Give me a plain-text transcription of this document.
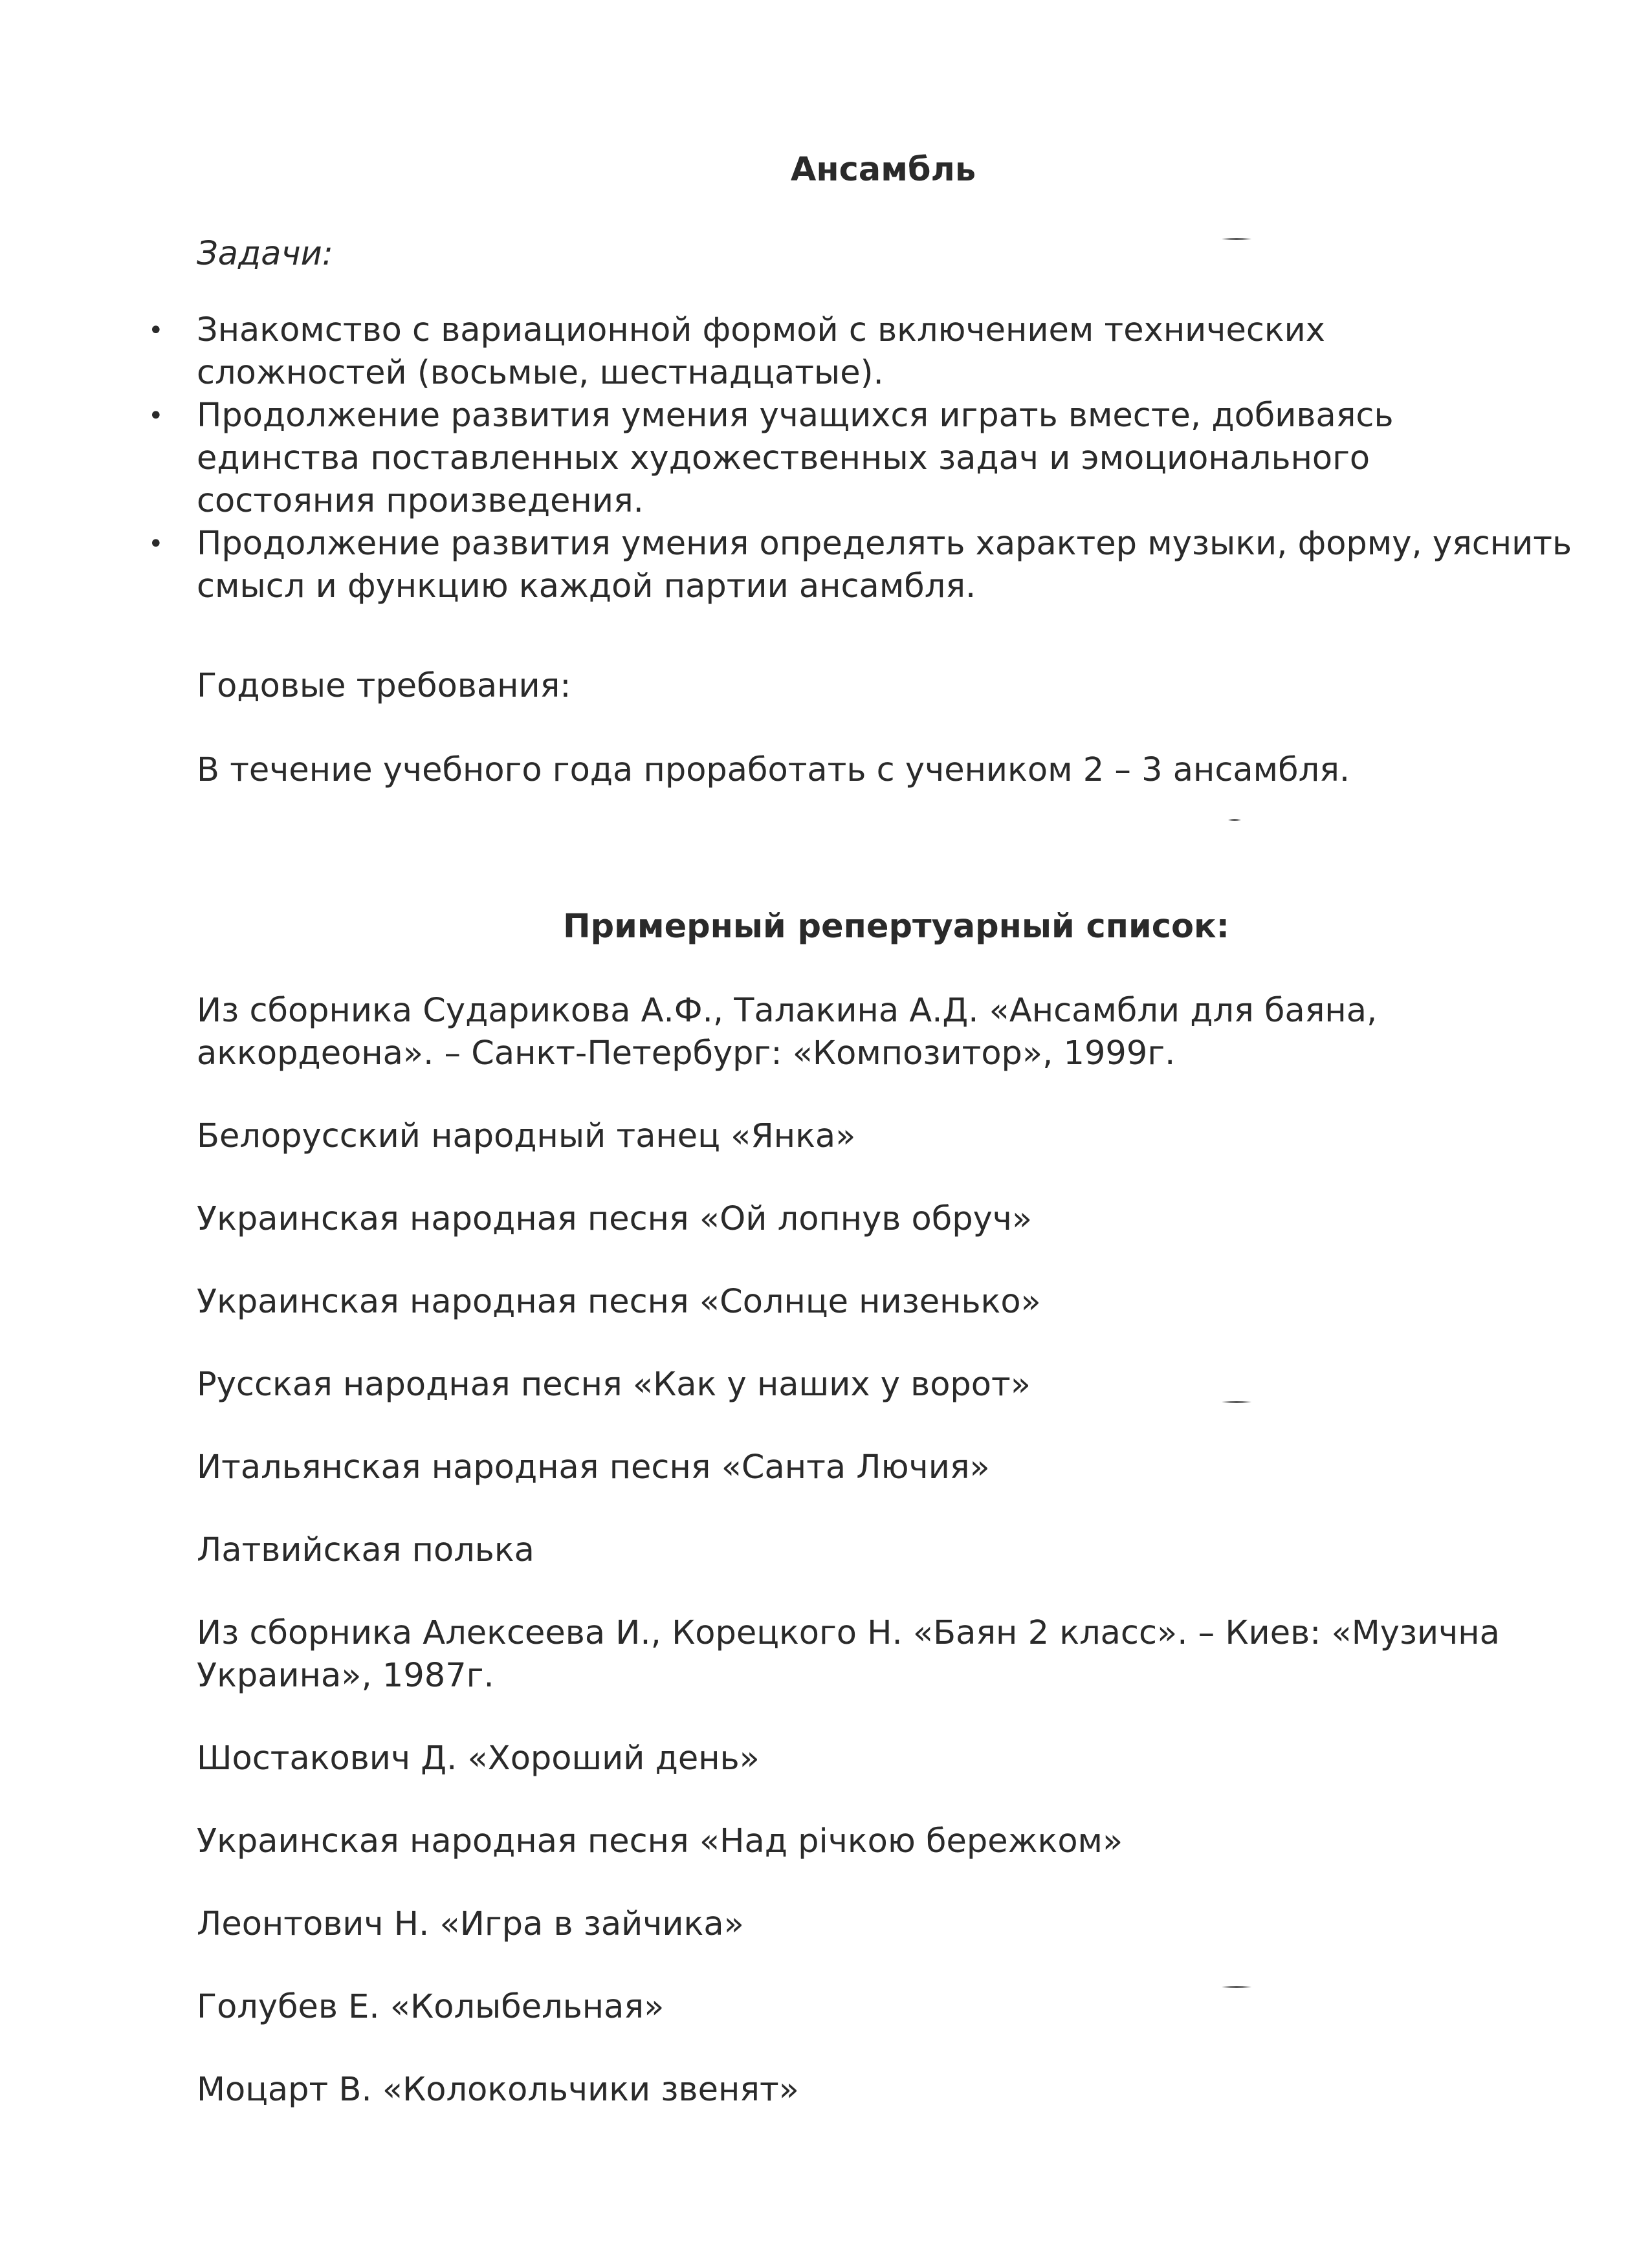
Ансамбль

Задачи:

• Знакомство с вариационной формой с включением технических сложностей (восьмые, шестнадцатые).
• Продолжение развития умения учащихся играть вместе, добиваясь единства поставленных художественных задач и эмоционального состояния произведения.
• Продолжение развития умения определять характер музыки, форму, уяснить смысл и функцию каждой партии ансамбля.

Годовые требования:

В течение учебного года проработать с учеником 2 – 3 ансамбля.

Примерный репертуарный список:
Из сборника Сударикова А.Ф., Талакина А.Д. «Ансамбли для баяна, аккордеона». – Санкт-Петербург: «Композитор», 1999г.
Белорусский народный танец «Янка»
Украинская народная песня «Ой лопнув обруч»
Украинская народная песня «Солнце низенько»
Русская народная песня «Как у наших у ворот»
Итальянская народная песня «Санта Лючия»
Латвийская полька
Из сборника Алексеева И., Корецкого Н. «Баян 2 класс». – Киев: «Музична Украина», 1987г.
Шостакович Д. «Хороший день»
Украинская народная песня «Над рiчкою бережком»
Леонтович Н. «Игра в зайчика»
Голубев Е. «Колыбельная»
Моцарт В. «Колокольчики звенят»
